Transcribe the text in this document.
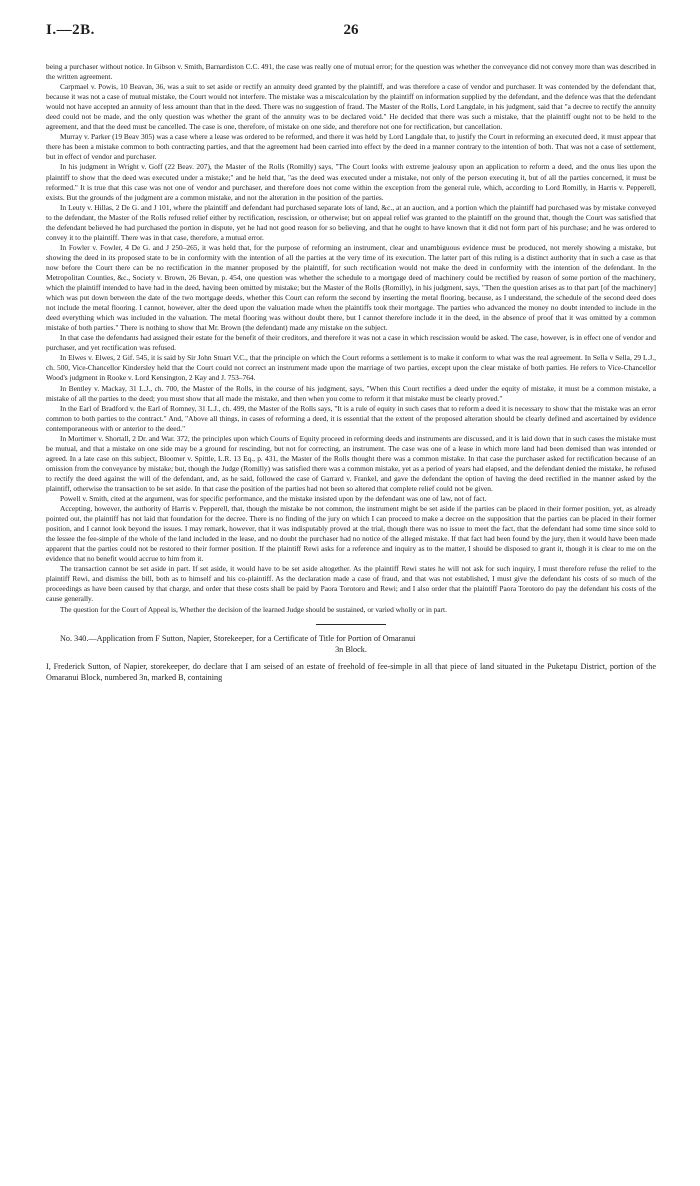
I.—2B.	26

being a purchaser without notice. In Gibson v. Smith, Barnardiston C.C. 491, the case was really one of mutual error; for the question was whether the conveyance did not convey more than was described in the written agreement.

Carpmael v. Powis, 10 Beavan, 36, was a suit to set aside or rectify an annuity deed granted by the plaintiff, and was therefore a case of vendor and purchaser. It was contended by the defendant that, because it was not a case of mutual mistake, the Court would not interfere. The mistake was a miscalculation by the plaintiff on information supplied by the defendant, and the defence was that the defendant would not have accepted an annuity of less amount than that in the deed. There was no suggestion of fraud. The Master of the Rolls, Lord Langdale, in his judgment, said that "a decree to rectify the annuity deed could not be made, and the only question was whether the grant of the annuity was to be declared void." He decided that there was such a mistake, that the plaintiff ought not to be held to the agreement, and that the deed must be cancelled. The case is one, therefore, of mistake on one side, and therefore not one for rectification, but cancellation.

Murray v. Parker (19 Beav 305) was a case where a lease was ordered to be reformed, and there it was held by Lord Langdale that, to justify the Court in reforming an executed deed, it must appear that there has been a mistake common to both contracting parties, and that the agreement had been carried into effect by the deed in a manner contrary to the intention of both. That was not a case of settlement, but in effect of vendor and purchaser.

In his judgment in Wright v. Goff (22 Beav. 207), the Master of the Rolls (Romilly) says, "The Court looks with extreme jealousy upon an application to reform a deed, and the onus lies upon the plaintiff to show that the deed was executed under a mistake;" and he held that, "as the deed was executed under a mistake, not only of the person executing it, but of all the parties concerned, it must be reformed." It is true that this case was not one of vendor and purchaser, and therefore does not come within the exception from the general rule, which, according to Lord Romilly, in Harris v. Pepperell, exists. But the grounds of the judgment are a common mistake, and not the alteration in the position of the parties.

In Leuty v. Hillas, 2 De G. and J 101, where the plaintiff and defendant had purchased separate lots of land, &c., at an auction, and a portion which the plaintiff had purchased was by mistake conveyed to the defendant, the Master of the Rolls refused relief either by rectification, rescission, or otherwise; but on appeal relief was granted to the plaintiff on the ground that, though the Court was satisfied that the defendant believed he had purchased the portion in dispute, yet he had not good reason for so believing, and that he ought to have known that it did not form part of his purchase; and he was ordered to convey it to the plaintiff. There was in that case, therefore, a mutual error.

In Fowler v. Fowler, 4 De G. and J 250–265, it was held that, for the purpose of reforming an instrument, clear and unambiguous evidence must be produced, not merely showing a mistake, but showing the deed in its proposed state to be in conformity with the intention of all the parties at the very time of its execution. The latter part of this ruling is a distinct authority that in such a case as that now before the Court there can be no rectification in the manner proposed by the plaintiff, for such rectification would not make the deed in conformity with the intention of the defendant. In the Metropolitan Counties, &c., Society v. Brown, 26 Bevan, p. 454, one question was whether the schedule to a mortgage deed of machinery could be rectified by reason of some portion of the machinery, which the plaintiff intended to have had in the deed, having been omitted by mistake; but the Master of the Rolls (Romilly), in his judgment, says, "Then the question arises as to that part [of the machinery] which was put down between the date of the two mortgage deeds, whether this Court can reform the second by inserting the metal flooring, because, as I understand, the schedule of the second deed does not include the metal flooring. I cannot, however, alter the deed upon the valuation made when the plaintiffs took their mortgage. The parties who advanced the money no doubt intended to include in the deed everything which was included in the valuation. The metal flooring was without doubt there, but I cannot therefore include it in the deed, in the absence of proof that it was omitted by a common mistake of both parties." There is nothing to show that Mr. Brown (the defendant) made any mistake on the subject.

In that case the defendants had assigned their estate for the benefit of their creditors, and therefore it was not a case in which rescission would be asked. The case, however, is in effect one of vendor and purchaser, and yet rectification was refused.

In Elwes v. Elwes, 2 Gif. 545, it is said by Sir John Stuart V.C., that the principle on which the Court reforms a settlement is to make it conform to what was the real agreement. In Sella v Sella, 29 L.J., ch. 500, Vice-Chancellor Kindersley held that the Court could not correct an instrument made upon the marriage of two parties, except upon the clear mistake of both parties. He refers to Vice-Chancellor Wood's judgment in Rooke v. Lord Kensington, 2 Kay and J. 753–764.

In Bentley v. Mackay, 31 L.J., ch. 700, the Master of the Rolls, in the course of his judgment, says, "When this Court rectifies a deed under the equity of mistake, it must be a common mistake, a mistake of all the parties to the deed; you must show that all made the mistake, and then when you come to reform it that mistake must be clearly proved."

In the Earl of Bradford v. the Earl of Romney, 31 L.J., ch. 499, the Master of the Rolls says, "It is a rule of equity in such cases that to reform a deed it is necessary to show that the mistake was an error common to both parties to the contract." And, "Above all things, in cases of reforming a deed, it is essential that the extent of the proposed alteration should be clearly defined and ascertained by evidence contemporaneous with or anterior to the deed."

In Mortimer v. Shortall, 2 Dr. and War. 372, the principles upon which Courts of Equity proceed in reforming deeds and instruments are discussed, and it is laid down that in such cases the mistake must be mutual, and that a mistake on one side may be a ground for rescinding, but not for correcting, an instrument. The case was one of a lease in which more land had been demised than was intended or agreed. In a late case on this subject, Bloomer v. Spittle, L.R. 13 Eq., p. 431, the Master of the Rolls thought there was a common mistake. In that case the purchaser asked for rectification because of an omission from the conveyance by mistake; but, though the Judge (Romilly) was satisfied there was a common mistake, yet as a period of years had elapsed, and the defendant denied the mistake, he refused to rectify the deed against the will of the defendant, and, as he said, followed the case of Garrard v. Frankel, and gave the defendant the option of having the deed rectified in the manner asked by the plaintiff, otherwise the transaction to be set aside. In that case the position of the parties had not been so altered that complete relief could not be given.

Powell v. Smith, cited at the argument, was for specific performance, and the mistake insisted upon by the defendant was one of law, not of fact.

Accepting, however, the authority of Harris v. Pepperell, that, though the mistake be not common, the instrument might be set aside if the parties can be placed in their former position, yet, as already pointed out, the plaintiff has not laid that foundation for the decree. There is no finding of the jury on which I can proceed to make a decree on the supposition that the parties can be placed in their former position, and I cannot look beyond the issues. I may remark, however, that it was indisputably proved at the trial, though there was no issue to meet the fact, that the defendant had some time since sold to the lessee the fee-simple of the whole of the land included in the lease, and no doubt the purchaser had no notice of the alleged mistake. If that fact had been found by the jury, then it would have been made apparent that the parties could not be restored to their former position. If the plaintiff Rewi asks for a reference and inquiry as to the matter, I should be disposed to grant it, though it is clear to me on the evidence that no benefit would accrue to him from it.

The transaction cannot be set aside in part. If set aside, it would have to be set aside altogether. As the plaintiff Rewi states he will not ask for such inquiry, I must therefore refuse the relief to the plaintiff Rewi, and dismiss the bill, both as to himself and his co-plaintiff. As the declaration made a case of fraud, and that was not established, I must give the defendant his costs of so much of the proceedings as have been caused by that charge, and order that these costs shall be paid by Paora Torotoro and Rewi; and I also order that the plaintiff Paora Torotoro do pay the defendant his costs of the cause generally.

The question for the Court of Appeal is, Whether the decision of the learned Judge should be sustained, or varied wholly or in part.

No. 340.—Application from F Sutton, Napier, Storekeeper, for a Certificate of Title for Portion of Omaranui
3n Block.

I, Frederick Sutton, of Napier, storekeeper, do declare that I am seised of an estate of freehold of fee-simple in all that piece of land situated in the Puketapu District, portion of the Omaranui Block, numbered 3n, marked B, containing
